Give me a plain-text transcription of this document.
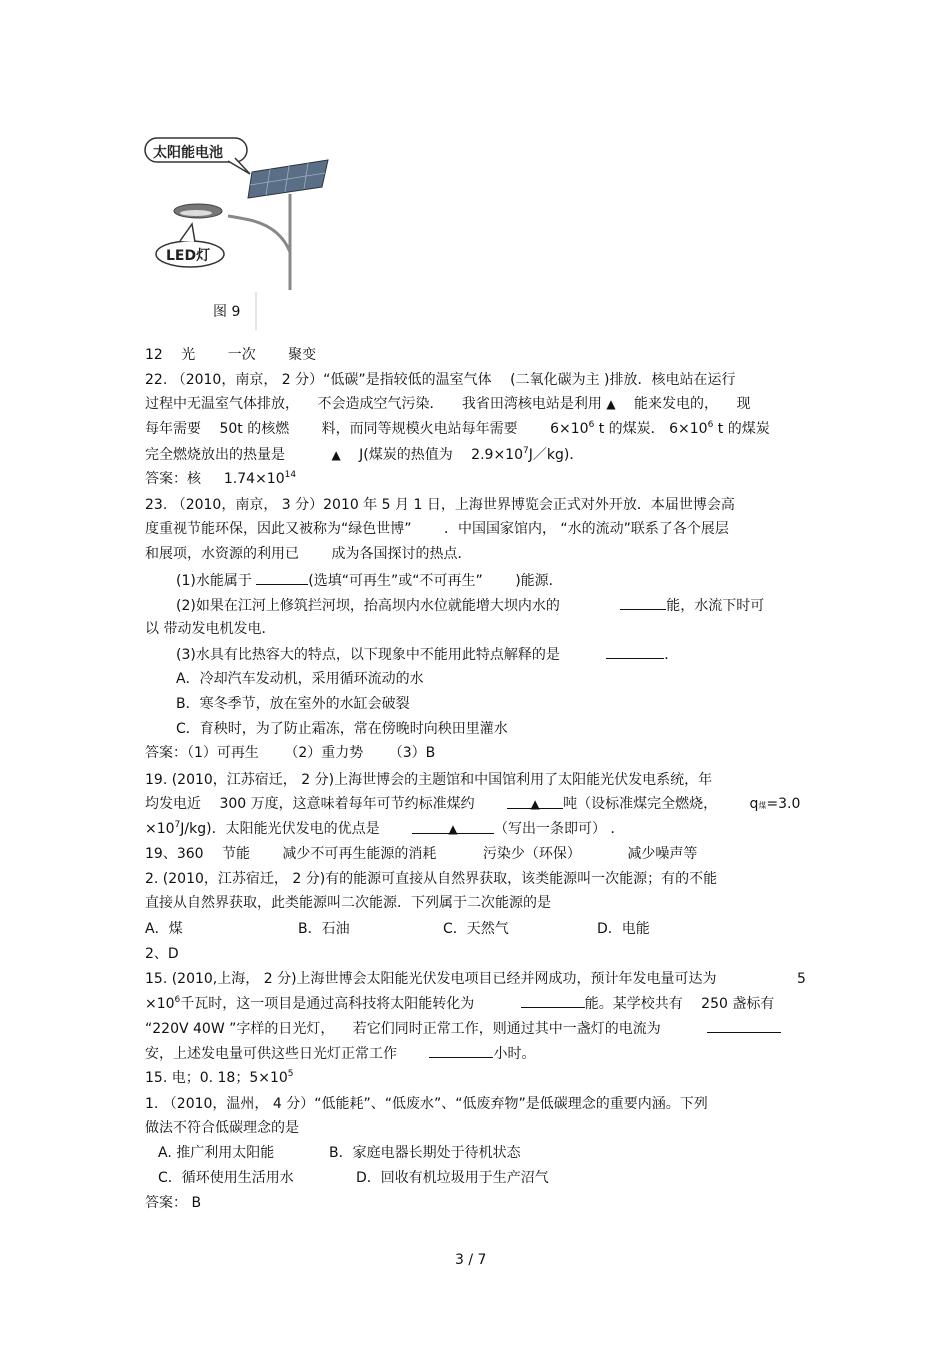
太阳能电池
LED灯
图 9
12 　光 　　一次 　　聚变
22. （2010，南京， 2 分）“低碳”是指较低的温室气体 　(二氧化碳为主 )排放．核电站在运行
过程中无温室气体排放， 　不会造成空气污染． 　我省田湾核电站是利用 ▲ 　能来发电的， 　现
每年需要 　50t 的核燃 　　料，而同等规模火电站每年需要 　　$6\times 10^6$ t 的煤炭． $6\times 10^6$ t 的煤炭
完全燃烧放出的热量是 　　　▲ 　J(煤炭的热值为 　$2.9\times 10^7J/kg$)．
答案：核 　 $1.74\times 10^{14}$
23. （2010，南京， 3 分）2010 年 5 月 1 日，上海世界博览会正式对外开放．本届世博会高
度重视节能环保，因此又被称为“绿色世博” 　　．中国国家馆内， “水的流动”联系了各个展层
和展项，水资源的利用已 　　成为各国探讨的热点．
(1)水能属于	(选填“可再生”或“不可再生” 　　)能源．
(2)如果在江河上修筑拦河坝，抬高坝内水位就能增大坝内水的 　　　　	能，水流下时可
以 带动发电机发电．
(3)水具有比热容大的特点，以下现象中不能用此特点解释的是 　　　	．
A．冷却汽车发动机，采用循环流动的水
B．寒冬季节，放在室外的水缸会破裂
C．育秧时，为了防止霜冻，常在傍晚时向秧田里灌水
答案：（1）可再生 　　（2）重力势 　　（3）B
19. (2010，江苏宿迁， 2 分)上海世博会的主题馆和中国馆利用了太阳能光伏发电系统，年
均发电近 　300 万度，这意味着每年可节约标准煤约 　　▲ 吨（设标准煤完全燃烧， 　　q煤=3.0
$\times 10^7J/kg$)．太阳能光伏发电的优点是 　　	▲	（写出一条即可） ．
19、360 　节能 　　减少不可再生能源的消耗 　　　污染少（环保） 　　　减少噪声等
2. (2010，江苏宿迁， 2 分)有的能源可直接从自然界获取，该类能源叫一次能源；有的不能
直接从自然界获取，此类能源叫二次能源．下列属于二次能源的是
A．煤	B．石油	C．天然气	D．电能
2、D
15. (2010,上海， 2 分)上海世博会太阳能光伏发电项目已经并网成功，预计年发电量可达为	5
$\times 10^6$千瓦时，这一项目是通过高科技将太阳能转化为 　　　	能。某学校共有 　250 盏标有
“220V 40W ”字样的日光灯， 　若它们同时正常工作，则通过其中一盏灯的电流为 　　　
安，上述发电量可供这些日光灯正常工作 　　	小时。
15. 电；0. 18；$5\times 10^5$
1. （2010，温州， 4 分）“低能耗”、“低废水”、“低废弃物”是低碳理念的重要内涵。下列
做法不符合低碳理念的是
A. 推广利用太阳能	B．家庭电器长期处于待机状态
C．循环使用生活用水	D．回收有机垃圾用于生产沼气
答案： B
3 / 7
